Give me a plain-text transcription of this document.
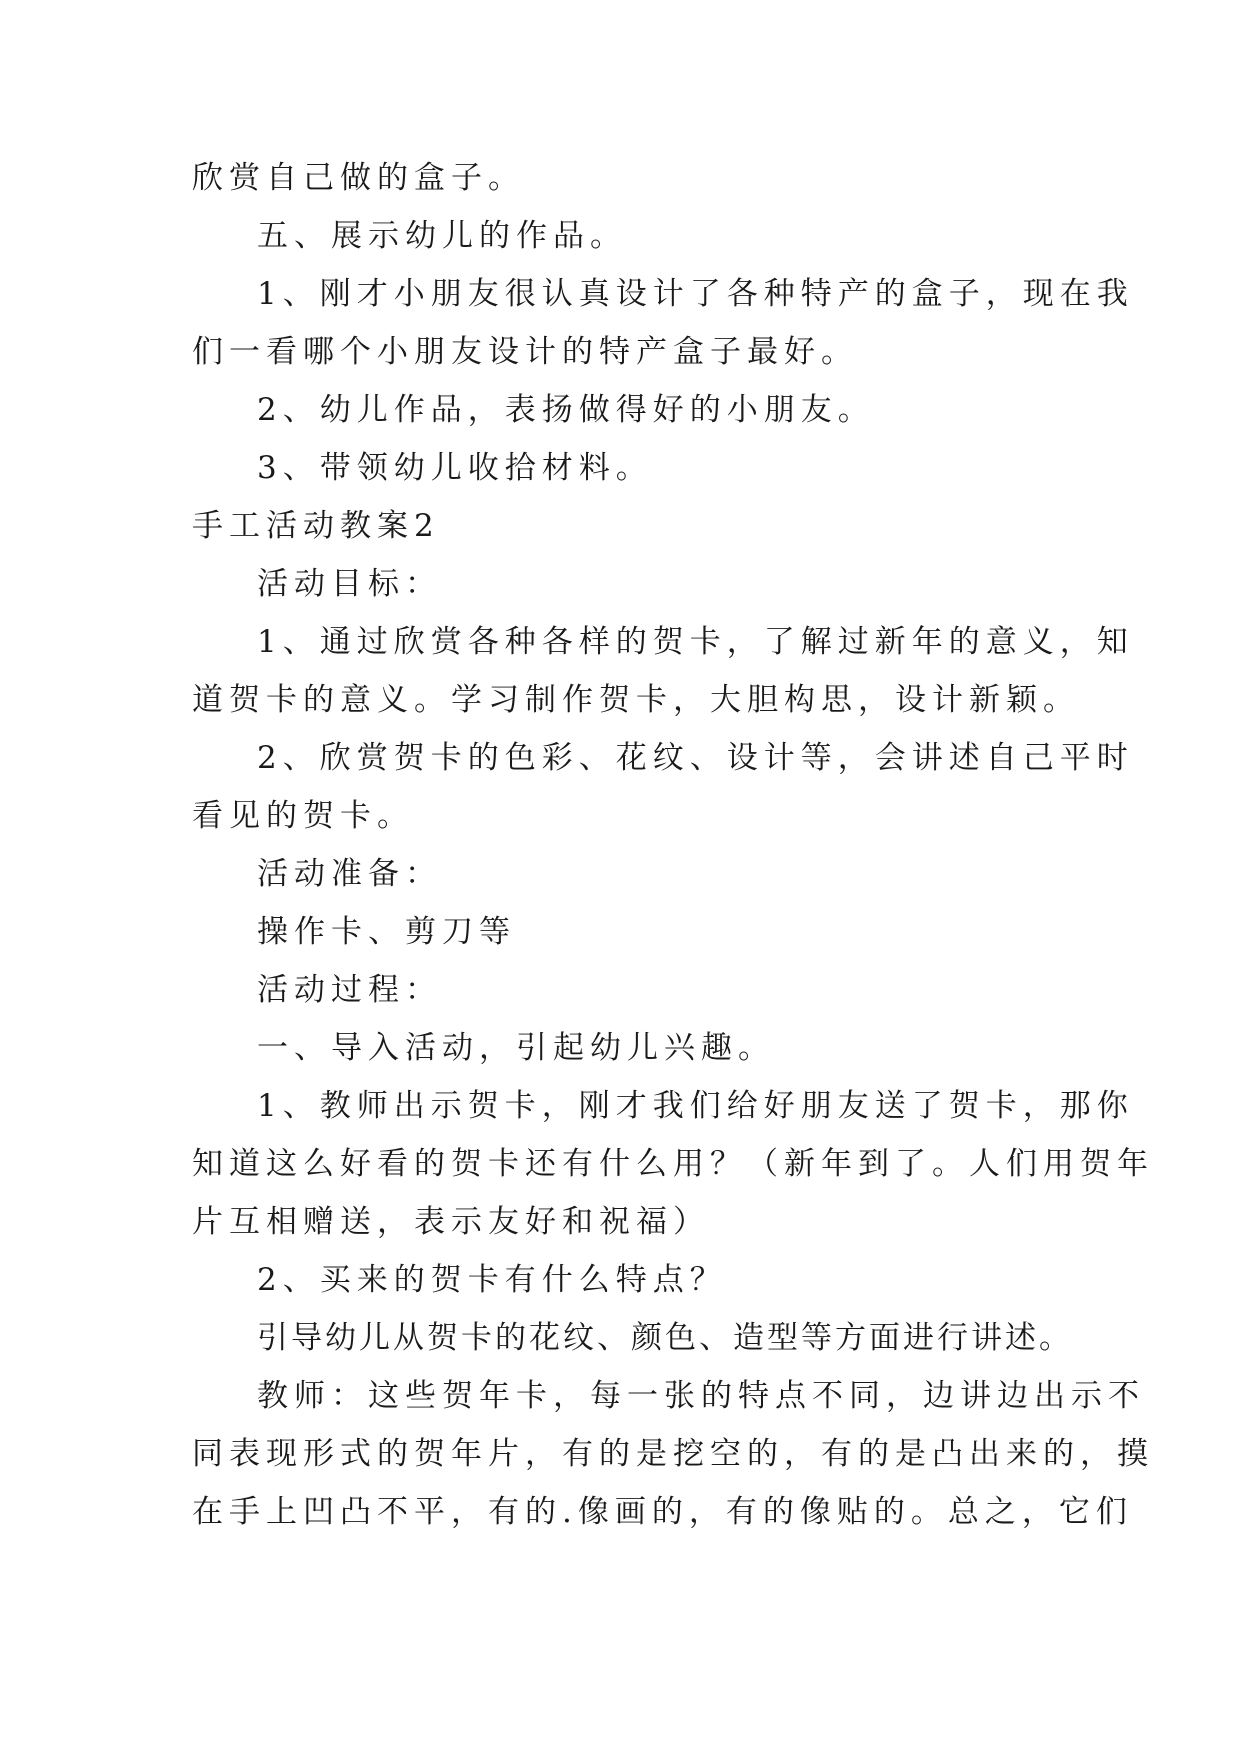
欣赏自己做的盒子。
五、展示幼儿的作品。
1、刚才小朋友很认真设计了各种特产的盒子，现在我
们一看哪个小朋友设计的特产盒子最好。
2、幼儿作品，表扬做得好的小朋友。
3、带领幼儿收拾材料。
手工活动教案2
活动目标：
1、通过欣赏各种各样的贺卡，了解过新年的意义，知
道贺卡的意义。学习制作贺卡，大胆构思，设计新颖。
2、欣赏贺卡的色彩、花纹、设计等，会讲述自己平时
看见的贺卡。
活动准备：
操作卡、剪刀等
活动过程：
一、导入活动，引起幼儿兴趣。
1、教师出示贺卡，刚才我们给好朋友送了贺卡，那你
知道这么好看的贺卡还有什么用？（新年到了。人们用贺年
片互相赠送，表示友好和祝福）
2、买来的贺卡有什么特点？
引导幼儿从贺卡的花纹、颜色、造型等方面进行讲述。
教师：这些贺年卡，每一张的特点不同，边讲边出示不
同表现形式的贺年片，有的是挖空的，有的是凸出来的，摸
在手上凹凸不平，有的.像画的，有的像贴的。总之，它们
